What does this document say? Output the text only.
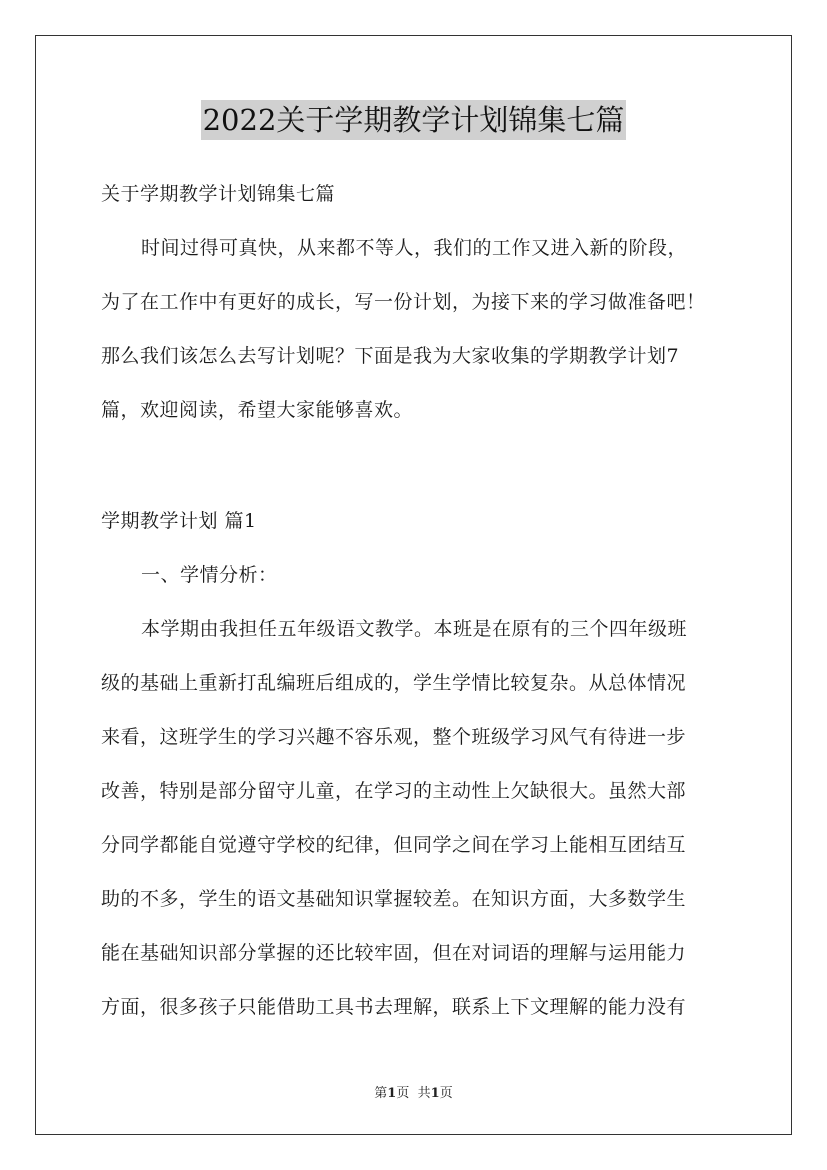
2022关于学期教学计划锦集七篇
关于学期教学计划锦集七篇
时间过得可真快，从来都不等人，我们的工作又进入新的阶段，
为了在工作中有更好的成长，写一份计划，为接下来的学习做准备吧！
那么我们该怎么去写计划呢？下面是我为大家收集的学期教学计划7
篇，欢迎阅读，希望大家能够喜欢。
学期教学计划 篇1
一、学情分析：
本学期由我担任五年级语文教学。本班是在原有的三个四年级班
级的基础上重新打乱编班后组成的，学生学情比较复杂。从总体情况
来看，这班学生的学习兴趣不容乐观，整个班级学习风气有待进一步
改善，特别是部分留守儿童，在学习的主动性上欠缺很大。虽然大部
分同学都能自觉遵守学校的纪律，但同学之间在学习上能相互团结互
助的不多，学生的语文基础知识掌握较差。在知识方面，大多数学生
能在基础知识部分掌握的还比较牢固，但在对词语的理解与运用能力
方面，很多孩子只能借助工具书去理解，联系上下文理解的能力没有
第1页 共1页
